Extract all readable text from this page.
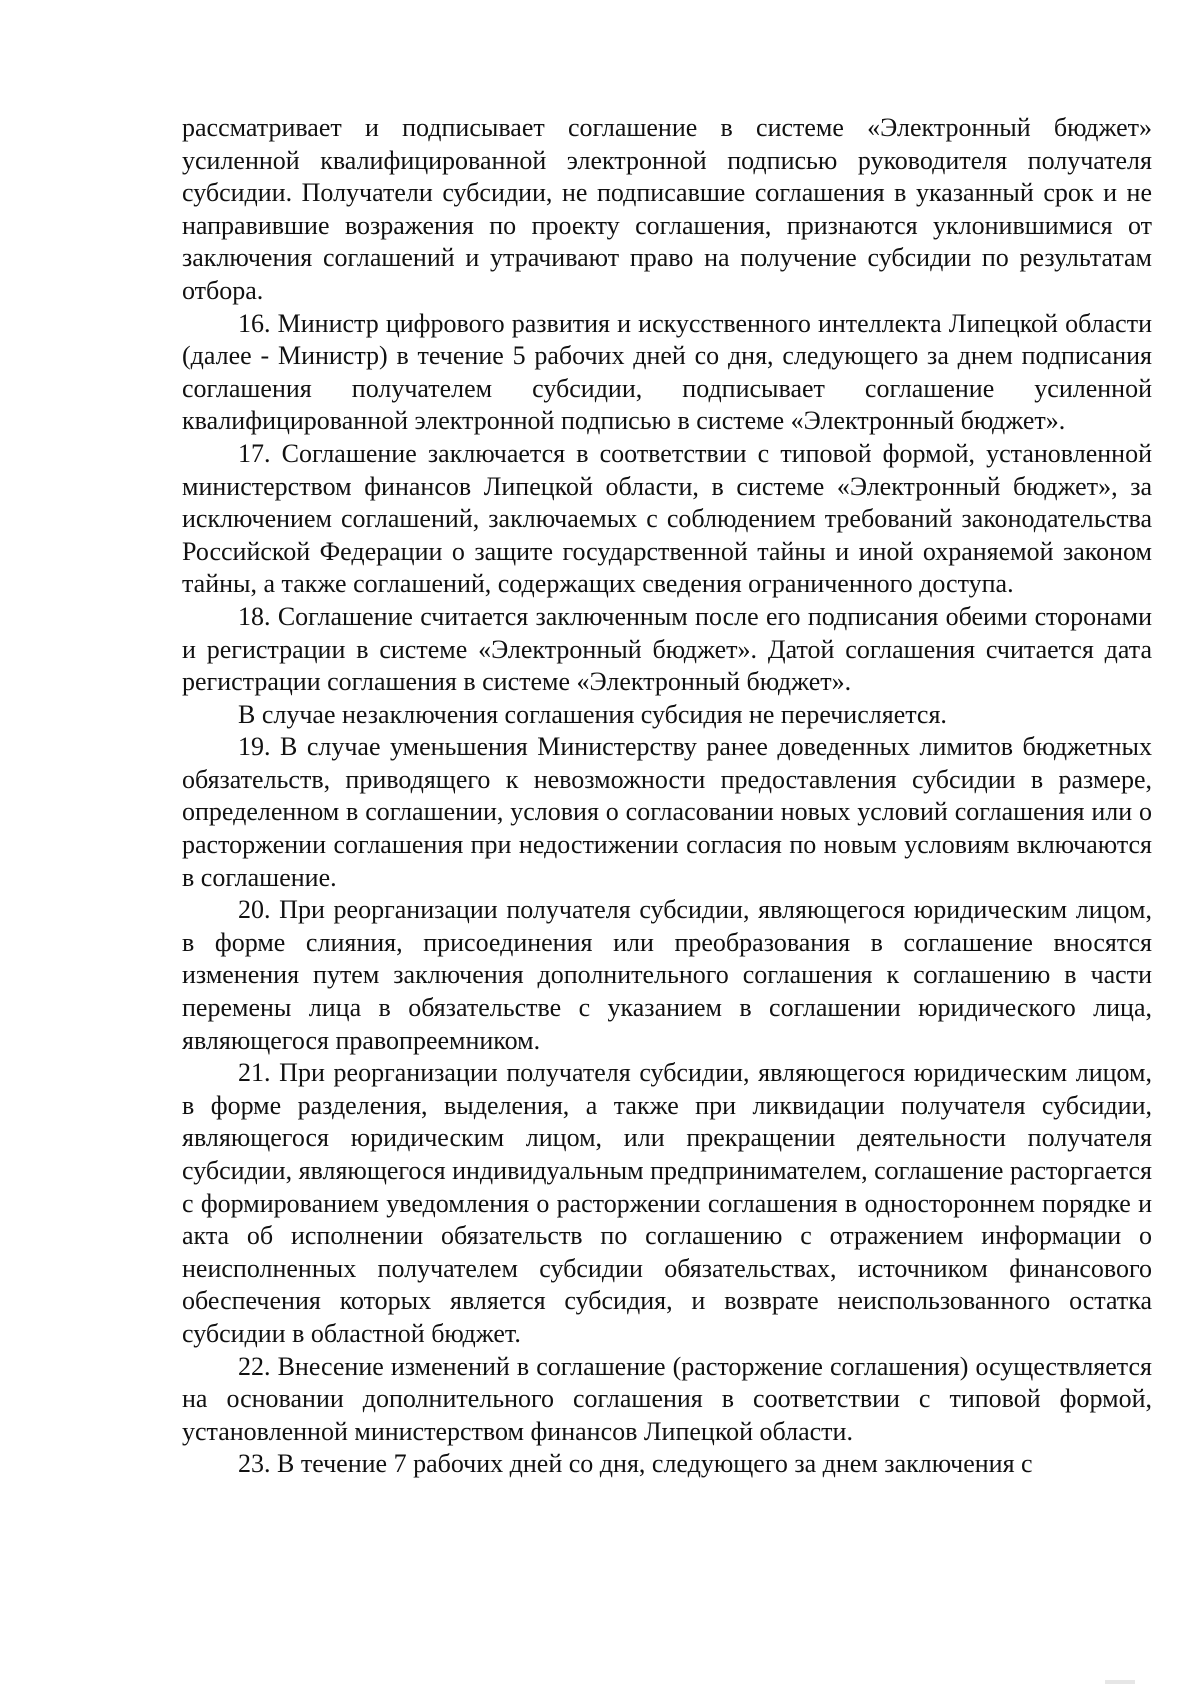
рассматривает и подписывает соглашение в системе «Электронный бюджет» усиленной квалифицированной электронной подписью руководителя получателя субсидии. Получатели субсидии, не подписавшие соглашения в указанный срок и не направившие возражения по проекту соглашения, признаются уклонившимися от заключения соглашений и утрачивают право на получение субсидии по результатам отбора.

16. Министр цифрового развития и искусственного интеллекта Липецкой области (далее - Министр) в течение 5 рабочих дней со дня, следующего за днем подписания соглашения получателем субсидии, подписывает соглашение усиленной квалифицированной электронной подписью в системе «Электронный бюджет».

17. Соглашение заключается в соответствии с типовой формой, установленной министерством финансов Липецкой области, в системе «Электронный бюджет», за исключением соглашений, заключаемых с соблюдением требований законодательства Российской Федерации о защите государственной тайны и иной охраняемой законом тайны, а также соглашений, содержащих сведения ограниченного доступа.

18. Соглашение считается заключенным после его подписания обеими сторонами и регистрации в системе «Электронный бюджет». Датой соглашения считается дата регистрации соглашения в системе «Электронный бюджет».

В случае незаключения соглашения субсидия не перечисляется.

19. В случае уменьшения Министерству ранее доведенных лимитов бюджетных обязательств, приводящего к невозможности предоставления субсидии в размере, определенном в соглашении, условия о согласовании новых условий соглашения или о расторжении соглашения при недостижении согласия по новым условиям включаются в соглашение.

20. При реорганизации получателя субсидии, являющегося юридическим лицом, в форме слияния, присоединения или преобразования в соглашение вносятся изменения путем заключения дополнительного соглашения к соглашению в части перемены лица в обязательстве с указанием в соглашении юридического лица, являющегося правопреемником.

21. При реорганизации получателя субсидии, являющегося юридическим лицом, в форме разделения, выделения, а также при ликвидации получателя субсидии, являющегося юридическим лицом, или прекращении деятельности получателя субсидии, являющегося индивидуальным предпринимателем, соглашение расторгается с формированием уведомления о расторжении соглашения в одностороннем порядке и акта об исполнении обязательств по соглашению с отражением информации о неисполненных получателем субсидии обязательствах, источником финансового обеспечения которых является субсидия, и возврате неиспользованного остатка субсидии в областной бюджет.

22. Внесение изменений в соглашение (расторжение соглашения) осуществляется на основании дополнительного соглашения в соответствии с типовой формой, установленной министерством финансов Липецкой области.

23. В течение 7 рабочих дней со дня, следующего за днем заключения с
